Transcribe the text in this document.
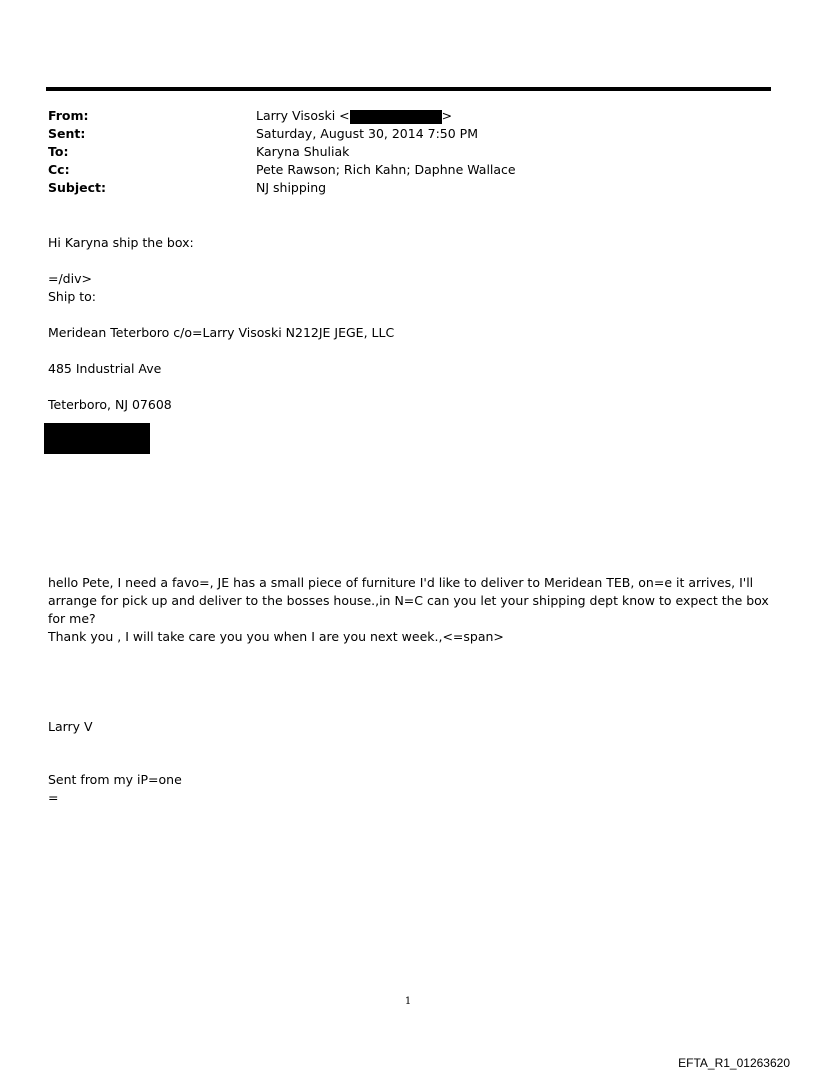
From:	Larry Visoski <	>
Sent:	Saturday, August 30, 2014 7:50 PM
To:	Karyna Shuliak
Cc:	Pete Rawson; Rich Kahn; Daphne Wallace
Subject:	NJ shipping
Hi Karyna ship the box:
=/div>
Ship to:
Meridean Teterboro c/o=Larry Visoski N212JE JEGE, LLC
485 Industrial Ave
Teterboro, NJ 07608
hello Pete, I need a favo=, JE has a small piece of furniture I'd like to deliver to Meridean TEB, on=e it arrives, I'll arrange for pick up and deliver to the bosses house.,in N=C can you let your shipping dept know to expect the box for me?
Thank you , I will take care you you when I are you next week.,<=span>
Larry V
Sent from my iP=one
=
1
EFTA_R1_01263620
